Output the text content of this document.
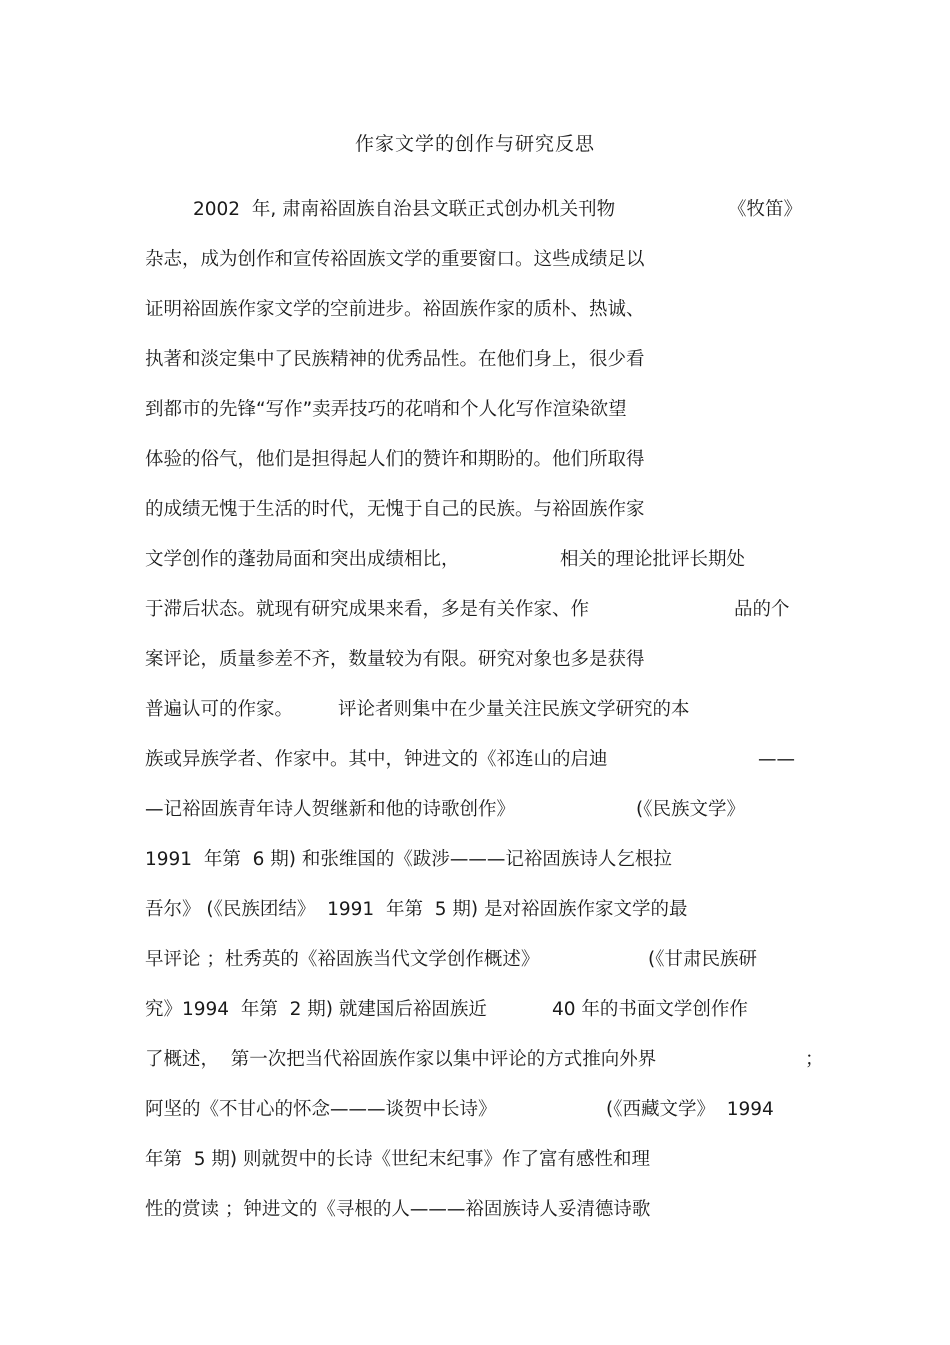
作家文学的创作与研究反思
2002  年, 肃南裕固族自治县文联正式创办机关刊物	《牧笛》
杂志，成为创作和宣传裕固族文学的重要窗口。这些成绩足以
证明裕固族作家文学的空前进步。裕固族作家的质朴、热诚、
执著和淡定集中了民族精神的优秀品性。在他们身上，很少看
到都市的先锋“写作”卖弄技巧的花哨和个人化写作渲染欲望
体验的俗气，他们是担得起人们的赞许和期盼的。他们所取得
的成绩无愧于生活的时代，无愧于自己的民族。与裕固族作家
文学创作的蓬勃局面和突出成绩相比，	相关的理论批评长期处
于滞后状态。就现有研究成果来看，多是有关作家、作	品的个
案评论，质量参差不齐，数量较为有限。研究对象也多是获得
普遍认可的作家。 评论者则集中在少量关注民族文学研究的本
族或异族学者、作家中。其中，钟进文的《祁连山的启迪	——
—记裕固族青年诗人贺继新和他的诗歌创作》	(《民族文学》
1991  年第  6 期) 和张维国的《跋涉———记裕固族诗人乞根拉
吾尔》 (《民族团结》  1991  年第  5 期) 是对裕固族作家文学的最
早评论 ；杜秀英的《裕固族当代文学创作概述》	(《甘肃民族研
究》1994  年第  2 期) 就建国后裕固族近	40 年的书面文学创作作
了概述，  第一次把当代裕固族作家以集中评论的方式推向外界	；
阿坚的《不甘心的怀念———谈贺中长诗》	(《西藏文学》  1994
年第  5 期) 则就贺中的长诗《世纪末纪事》作了富有感性和理
性的赏读 ；钟进文的《寻根的人———裕固族诗人妥清德诗歌
